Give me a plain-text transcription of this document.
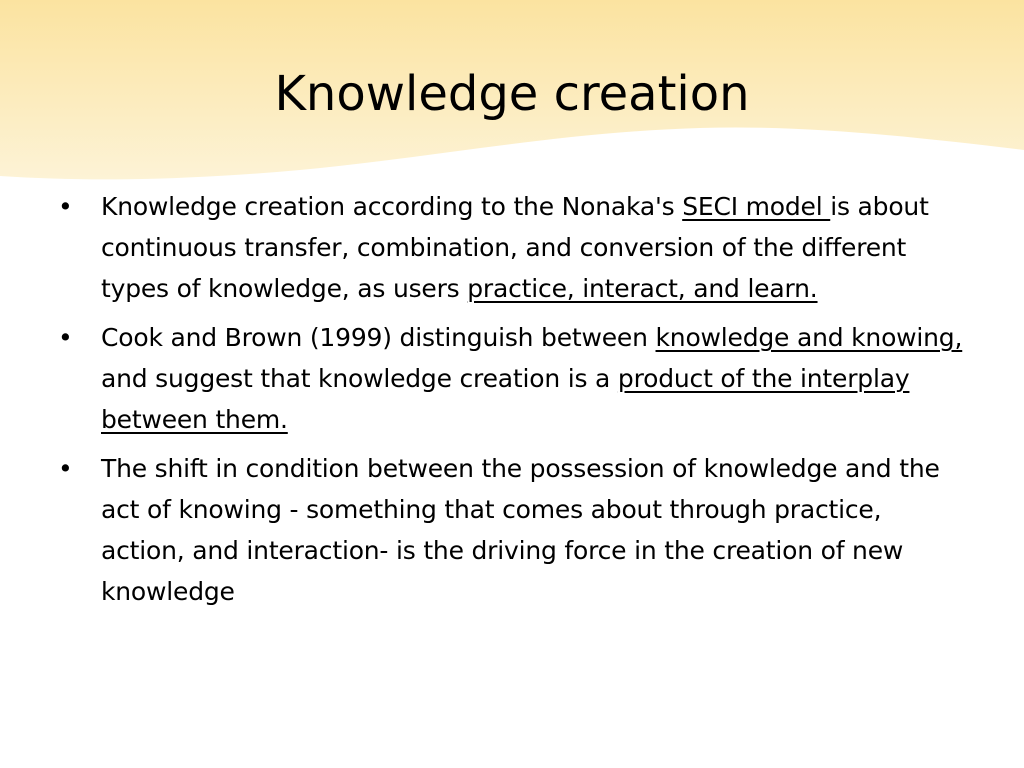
Knowledge creation
• Knowledge creation according to the Nonaka's SECI model is about continuous transfer, combination, and conversion of the different types of knowledge, as users practice, interact, and learn.
• Cook and Brown (1999) distinguish between knowledge and knowing, and suggest that knowledge creation is a product of the interplay between them.
• The shift in condition between the possession of knowledge and the act of knowing - something that comes about through practice, action, and interaction- is the driving force in the creation of new knowledge
